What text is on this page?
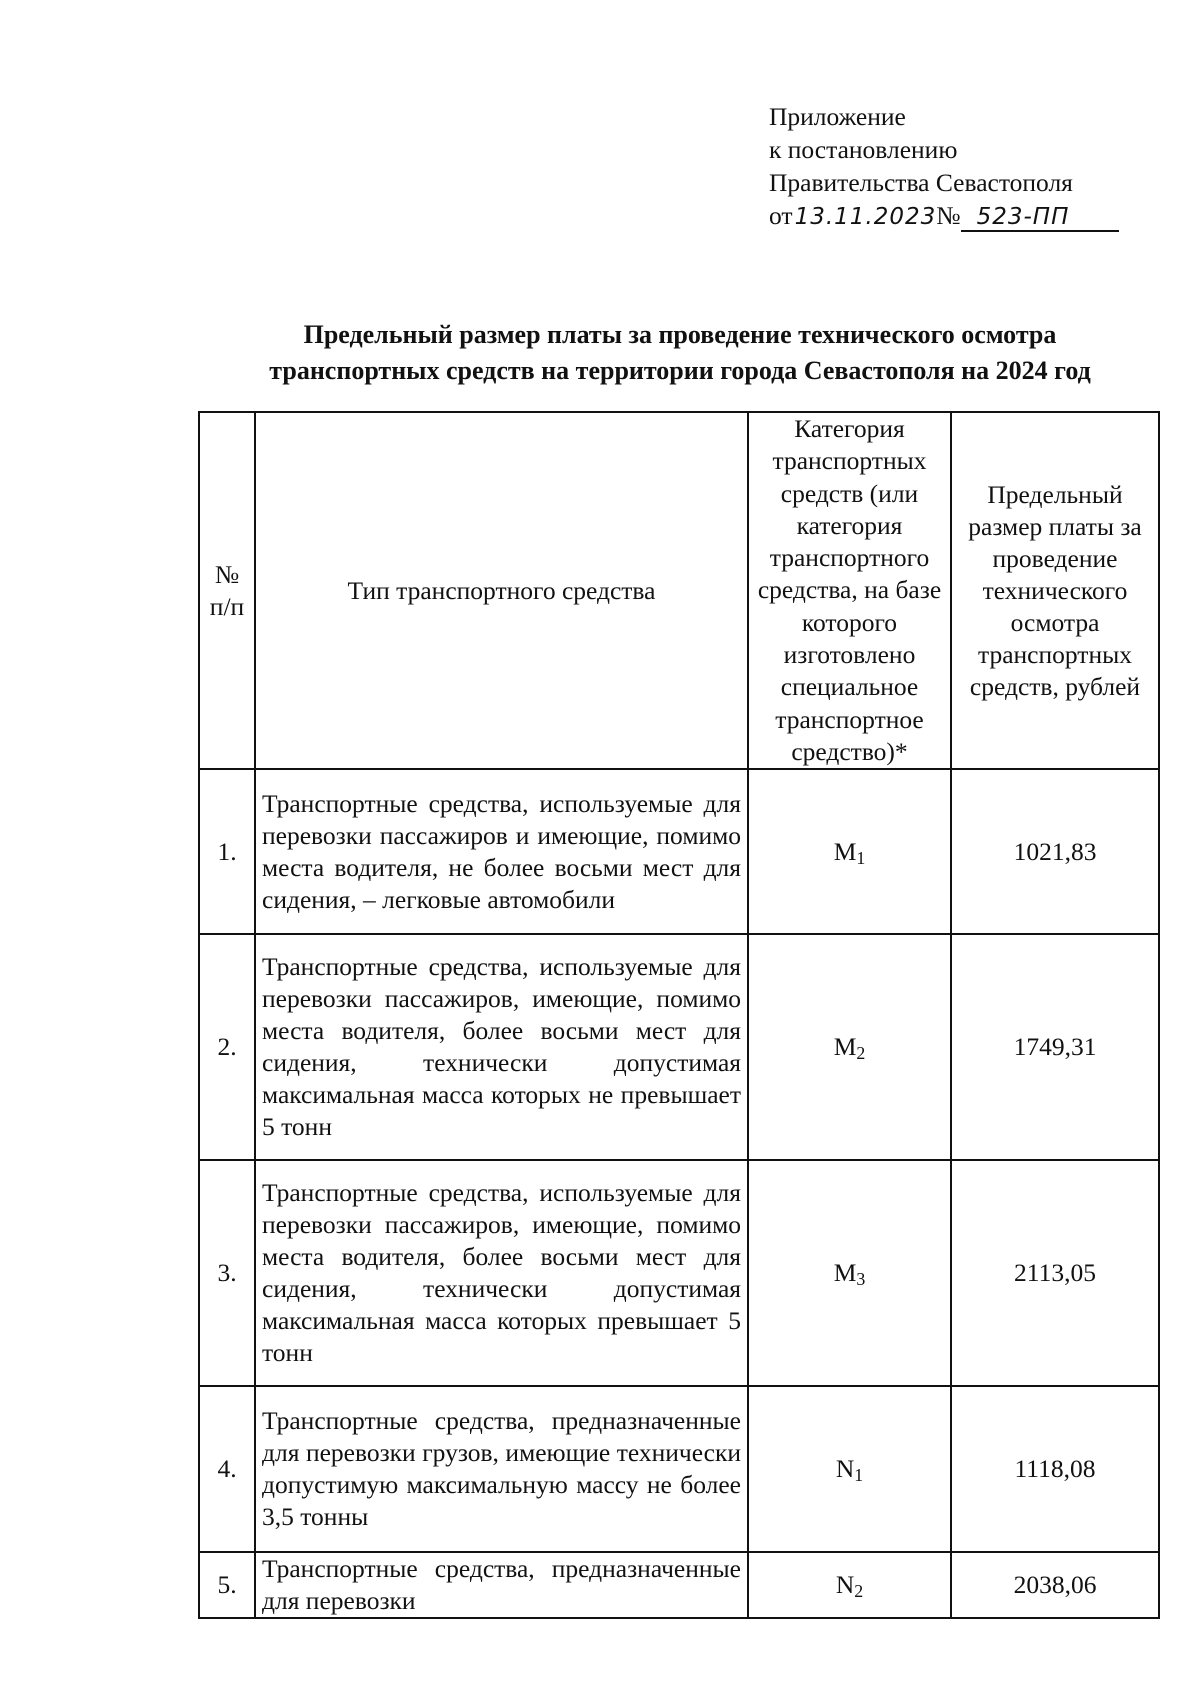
Приложение
к постановлению
Правительства Севастополя
от13.11.2023№ 523-ПП
Предельный размер платы за проведение технического осмотра
транспортных средств на территории города Севастополя на 2024 год
№ п/п	Тип транспортного средства	Категория транспортных средств (или категория транспортного средства, на базе которого изготовлено специальное транспортное средство)*	Предельный размер платы за проведение технического осмотра транспортных средств, рублей
1.	Транспортные средства, используемые для перевозки пассажиров и имеющие, помимо места водителя, не более восьми мест для сидения, – легковые автомобили	$M_1$	1021,83
2.	Транспортные средства, используемые для перевозки пассажиров, имеющие, помимо места водителя, более восьми мест для сидения, технически допустимая максимальная масса которых не превышает 5 тонн	$M_2$	1749,31
3.	Транспортные средства, используемые для перевозки пассажиров, имеющие, помимо места водителя, более восьми мест для сидения, технически допустимая максимальная масса которых превышает 5 тонн	$M_3$	2113,05
4.	Транспортные средства, предназначенные для перевозки грузов, имеющие технически допустимую максимальную массу не более 3,5 тонны	$N_1$	1118,08
5.	Транспортные средства, предназначенные для перевозки	$N_2$	2038,06
